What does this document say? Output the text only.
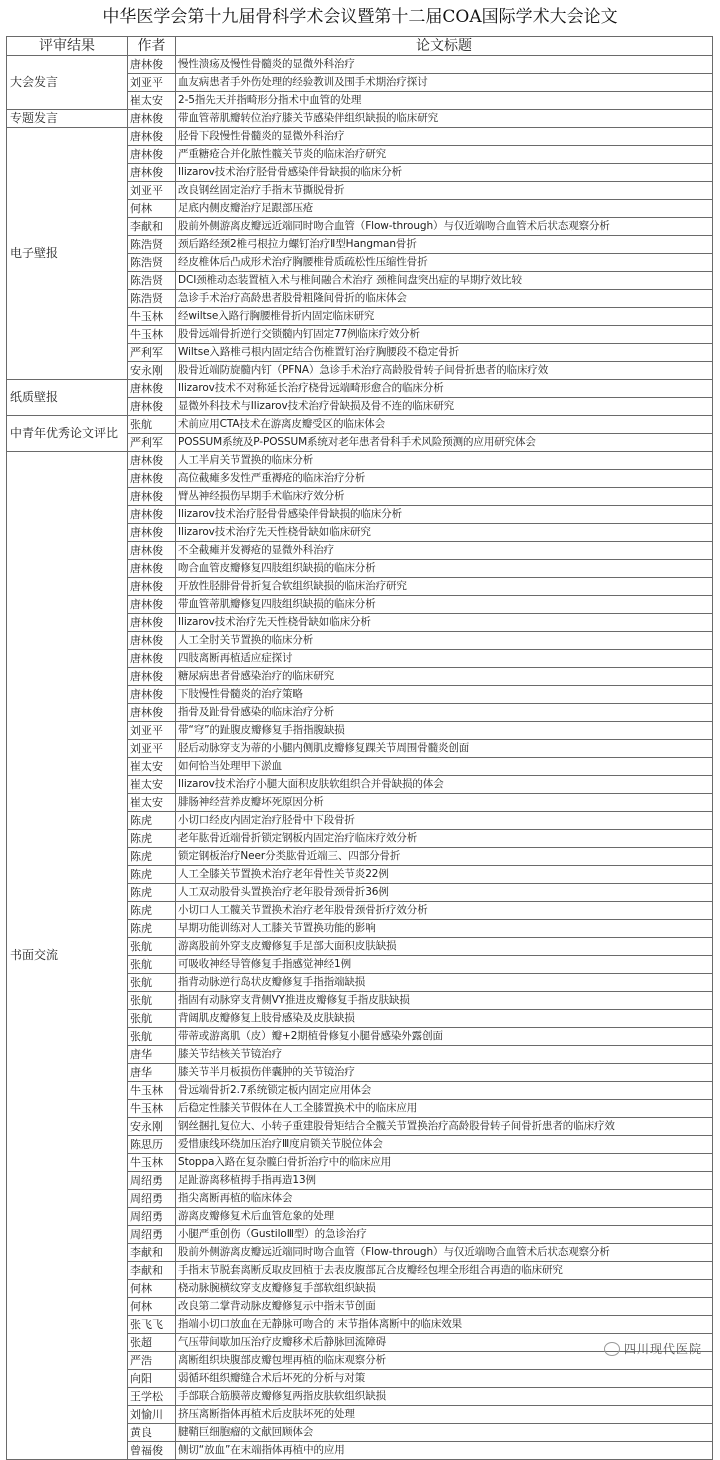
中华医学会第十九届骨科学术会议暨第十二届COA国际学术大会论文
评审结果	作者	论文标题
大会发言	唐林俊	慢性溃疡及慢性骨髓炎的显微外科治疗
	刘亚平	血友病患者手外伤处理的经验教训及围手术期治疗探讨
	崔太安	2-5指先天并指畸形分指术中血管的处理
专题发言	唐林俊	带血管蒂肌瓣转位治疗膝关节感染伴组织缺损的临床研究
电子壁报	唐林俊	胫骨下段慢性骨髓炎的显微外科治疗
	唐林俊	严重糖疮合并化脓性髋关节炎的临床治疗研究
	唐林俊	Ilizarov技术治疗胫骨骨感染伴骨缺损的临床分析
	刘亚平	改良钢丝固定治疗手指末节撕脱骨折
	何林	足底内侧皮瓣治疗足跟部压疮
	李献和	股前外侧游离皮瓣远近端同时吻合血管（Flow-through）与仅近端吻合血管术后状态观察分析
	陈浩贤	颈后路经颈2椎弓根拉力螺钉治疗Ⅱ型Hangman骨折
	陈浩贤	经皮椎体后凸成形术治疗胸腰椎骨质疏松性压缩性骨折
	陈浩贤	DCI颈椎动态装置植入术与椎间融合术治疗 颈椎间盘突出症的早期疗效比较
	陈浩贤	急诊手术治疗高龄患者股骨粗隆间骨折的临床体会
	牛玉林	经wiltse入路行胸腰椎骨折内固定临床研究
	牛玉林	股骨远端骨折逆行交锁髓内钉固定77例临床疗效分析
	严利军	Wiltse入路椎弓根内固定结合伤椎置钉治疗胸腰段不稳定骨折
	安永刚	股骨近端防旋髓内钉（PFNA）急诊手术治疗高龄股骨转子间骨折患者的临床疗效
纸质壁报	唐林俊	Ilizarov技术不对称延长治疗桡骨远端畸形愈合的临床分析
	唐林俊	显微外科技术与Ilizarov技术治疗骨缺损及骨不连的临床研究
中青年优秀论文评比	张航	术前应用CTA技术在游离皮瓣受区的临床体会
	严利军	POSSUM系统及P-POSSUM系统对老年患者骨科手术风险预测的应用研究体会
书面交流	唐林俊	人工半肩关节置换的临床分析
	唐林俊	高位截瘫多发性严重褥疮的临床治疗分析
	唐林俊	臂丛神经损伤早期手术临床疗效分析
	唐林俊	Ilizarov技术治疗胫骨骨感染伴骨缺损的临床分析
	唐林俊	Ilizarov技术治疗先天性桡骨缺如临床研究
	唐林俊	不全截瘫并发褥疮的显微外科治疗
	唐林俊	吻合血管皮瓣修复四肢组织缺损的临床分析
	唐林俊	开放性胫腓骨骨折复合软组织缺损的临床治疗研究
	唐林俊	带血管蒂肌瓣修复四肢组织缺损的临床分析
	唐林俊	Ilizarov技术治疗先天性桡骨缺如临床分析
	唐林俊	人工全肘关节置换的临床分析
	唐林俊	四肢离断再植适应症探讨
	唐林俊	糖尿病患者骨感染治疗的临床研究
	唐林俊	下肢慢性骨髓炎的治疗策略
	唐林俊	指骨及趾骨骨感染的临床治疗分析
	刘亚平	带“穹”的趾腹皮瓣修复手指指腹缺损
	刘亚平	胫后动脉穿支为蒂的小腿内侧肌皮瓣修复踝关节周围骨髓炎创面
	崔太安	如何恰当处理甲下淤血
	崔太安	Ilizarov技术治疗小腿大面积皮肤软组织合并骨缺损的体会
	崔太安	腓肠神经营养皮瓣坏死原因分析
	陈虎	小切口经皮内固定治疗胫骨中下段骨折
	陈虎	老年肱骨近端骨折锁定钢板内固定治疗临床疗效分析
	陈虎	锁定钢板治疗Neer分类肱骨近端三、四部分骨折
	陈虎	人工全膝关节置换术治疗老年骨性关节炎22例
	陈虎	人工双动股骨头置换治疗老年股骨颈骨折36例
	陈虎	小切口人工髋关节置换术治疗老年股骨颈骨折疗效分析
	陈虎	早期功能训练对人工膝关节置换功能的影响
	张航	游离股前外穿支皮瓣修复手足部大面积皮肤缺损
	张航	可吸收神经导管修复手指感觉神经1例
	张航	指背动脉逆行岛状皮瓣修复手指指端缺损
	张航	指固有动脉穿支背侧VY推进皮瓣修复手指皮肤缺损
	张航	背阔肌皮瓣修复上肢骨感染及皮肤缺损
	张航	带蒂或游离肌（皮）瓣+2期植骨修复小腿骨感染外露创面
	唐华	膝关节结核关节镜治疗
	唐华	膝关节半月板损伤伴囊肿的关节镜治疗
	牛玉林	骨远端骨折2.7系统锁定板内固定应用体会
	牛玉林	后稳定性膝关节假体在人工全膝置换术中的临床应用
	安永刚	钢丝捆扎复位大、小转子重建股骨矩结合全髋关节置换治疗高龄股骨转子间骨折患者的临床疗效
	陈思历	爱惜康线环绕加压治疗Ⅲ度肩锁关节脱位体会
	牛玉林	Stoppa入路在复杂髋臼骨折治疗中的临床应用
	周绍勇	足趾游离移植拇手指再造13例
	周绍勇	指尖离断再植的临床体会
	周绍勇	游离皮瓣修复术后血管危象的处理
	周绍勇	小腿严重创伤（GustiloⅢ型）的急诊治疗
	李献和	股前外侧游离皮瓣远近端同时吻合血管（Flow-through）与仅近端吻合血管术后状态观察分析
	李献和	手指末节脱套离断反取皮回植于去表皮腹部瓦合皮瓣经包埋全形组合再造的临床研究
	何林	桡动脉腕横纹穿支皮瓣修复手部软组织缺损
	何林	改良第二掌背动脉皮瓣修复示中指末节创面
	张飞飞	指端小切口放血在无静脉可吻合的 末节指体离断中的临床效果
	张超	气压带间歇加压治疗皮瓣移术后静脉回流障碍
	严浩	离断组织块腹部皮瓣包埋再植的临床观察分析
	向阳	弱循环组织瓣缝合术后坏死的分析与对策
	王学松	手部联合筋膜蒂皮瓣修复两指皮肤软组织缺损
	刘愉川	挤压离断指体再植术后皮肤坏死的处理
	黄良	腱鞘巨细胞瘤的文献回顾体会
	曾福俊	侧切“放血”在末端指体再植中的应用
四川现代医院
